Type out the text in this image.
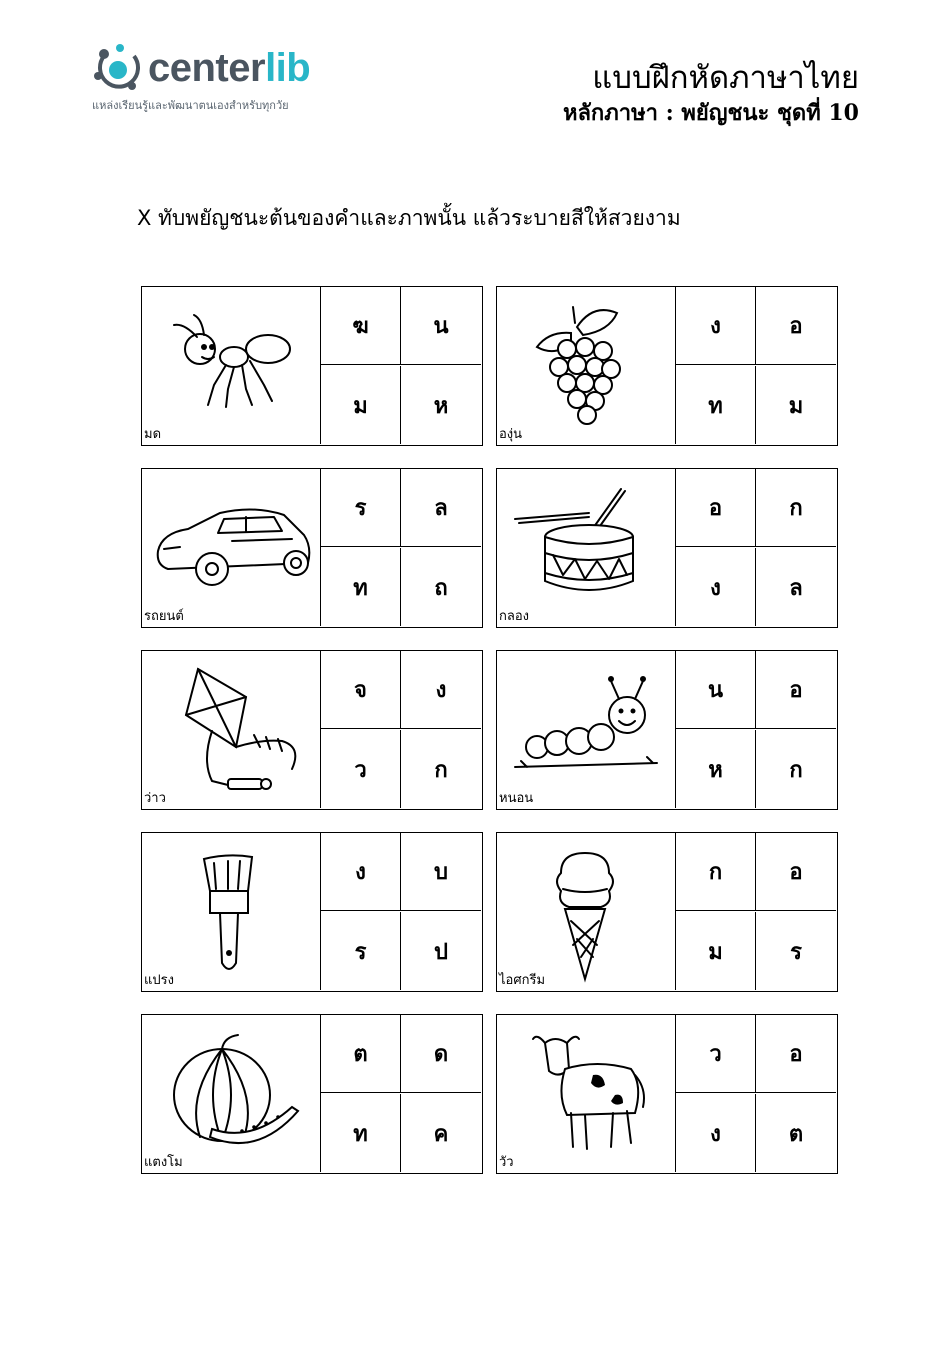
centerlib
แหล่งเรียนรู้และพัฒนาตนเองสำหรับทุกวัย
แบบฝึกหัดภาษาไทย
หลักภาษา : พยัญชนะ ชุดที่ 10
X ทับพยัญชนะต้นของคำและภาพนั้น แล้วระบายสีให้สวยงาม
มด
ฆ	น
ม	ห
องุ่น
ง	อ
ท	ม
รถยนต์
ร	ล
ท	ถ
กลอง
อ	ก
ง	ล
ว่าว
จ	ง
ว	ก
หนอน
น	อ
ห	ก
แปรง
ง	บ
ร	ป
ไอศกรีม
ก	อ
ม	ร
แตงโม
ต	ด
ท	ค
วัว
ว	อ
ง	ต
